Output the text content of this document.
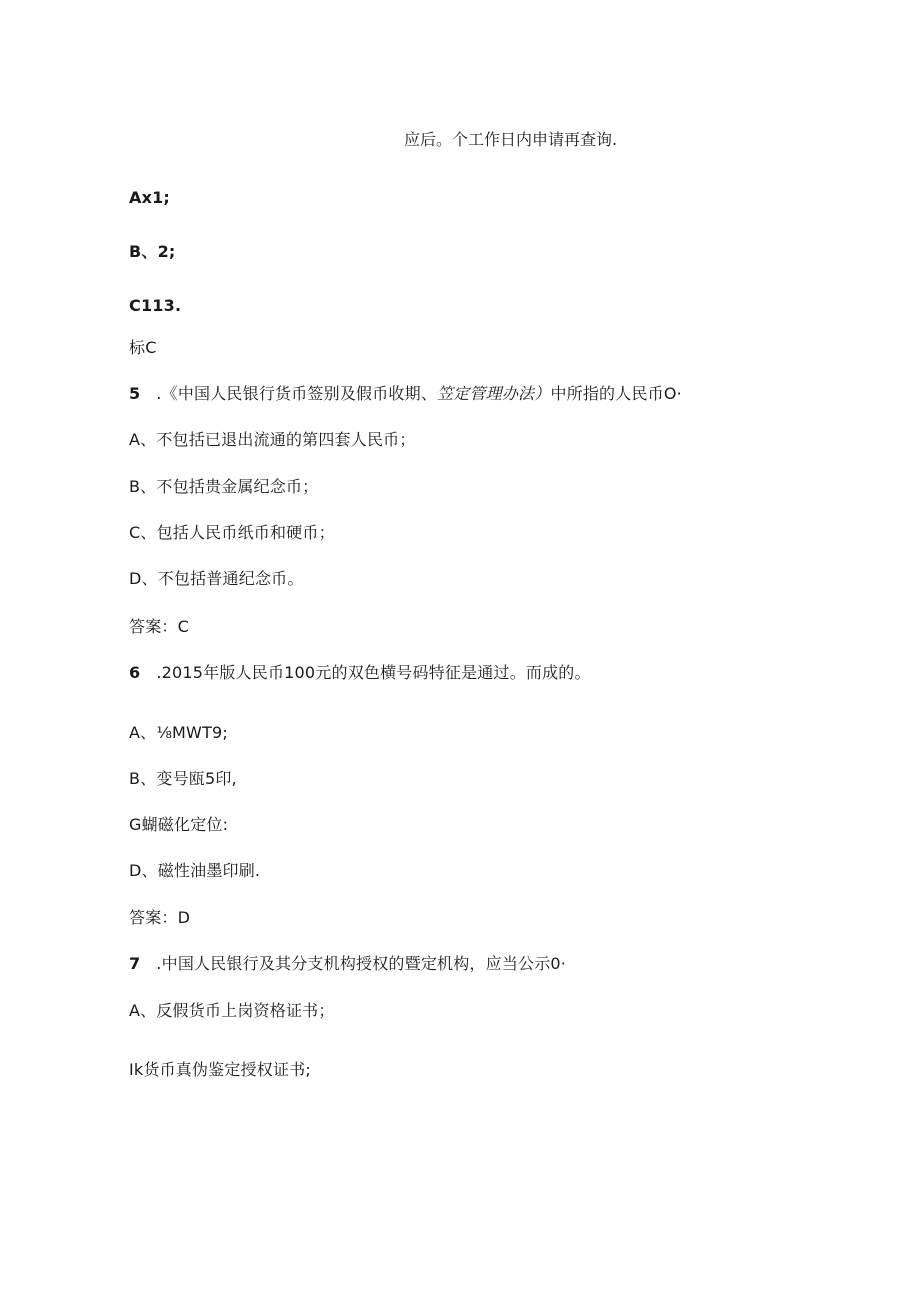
应后。个工作日内申请再查询.
Ax1;
B、2;
C113.
标C
5 .《中国人民银行货币签别及假币收期、笠定管理办法）中所指的人民币O·
A、不包括已退出流通的第四套人民币；
B、不包括贵金属纪念币；
C、包括人民币纸币和硬币；
D、不包括普通纪念币。
答案：C
6 .2015年版人民币100元的双色横号码特征是通过。而成的。
A、⅛MWT9;
B、变号瓯5印,
G蝴磁化定位:
D、磁性油墨印刷.
答案：D
7 .中国人民银行及其分支机构授权的暨定机构，应当公示0·
A、反假货币上岗资格证书；
Ik货币真伪鉴定授权证书;
